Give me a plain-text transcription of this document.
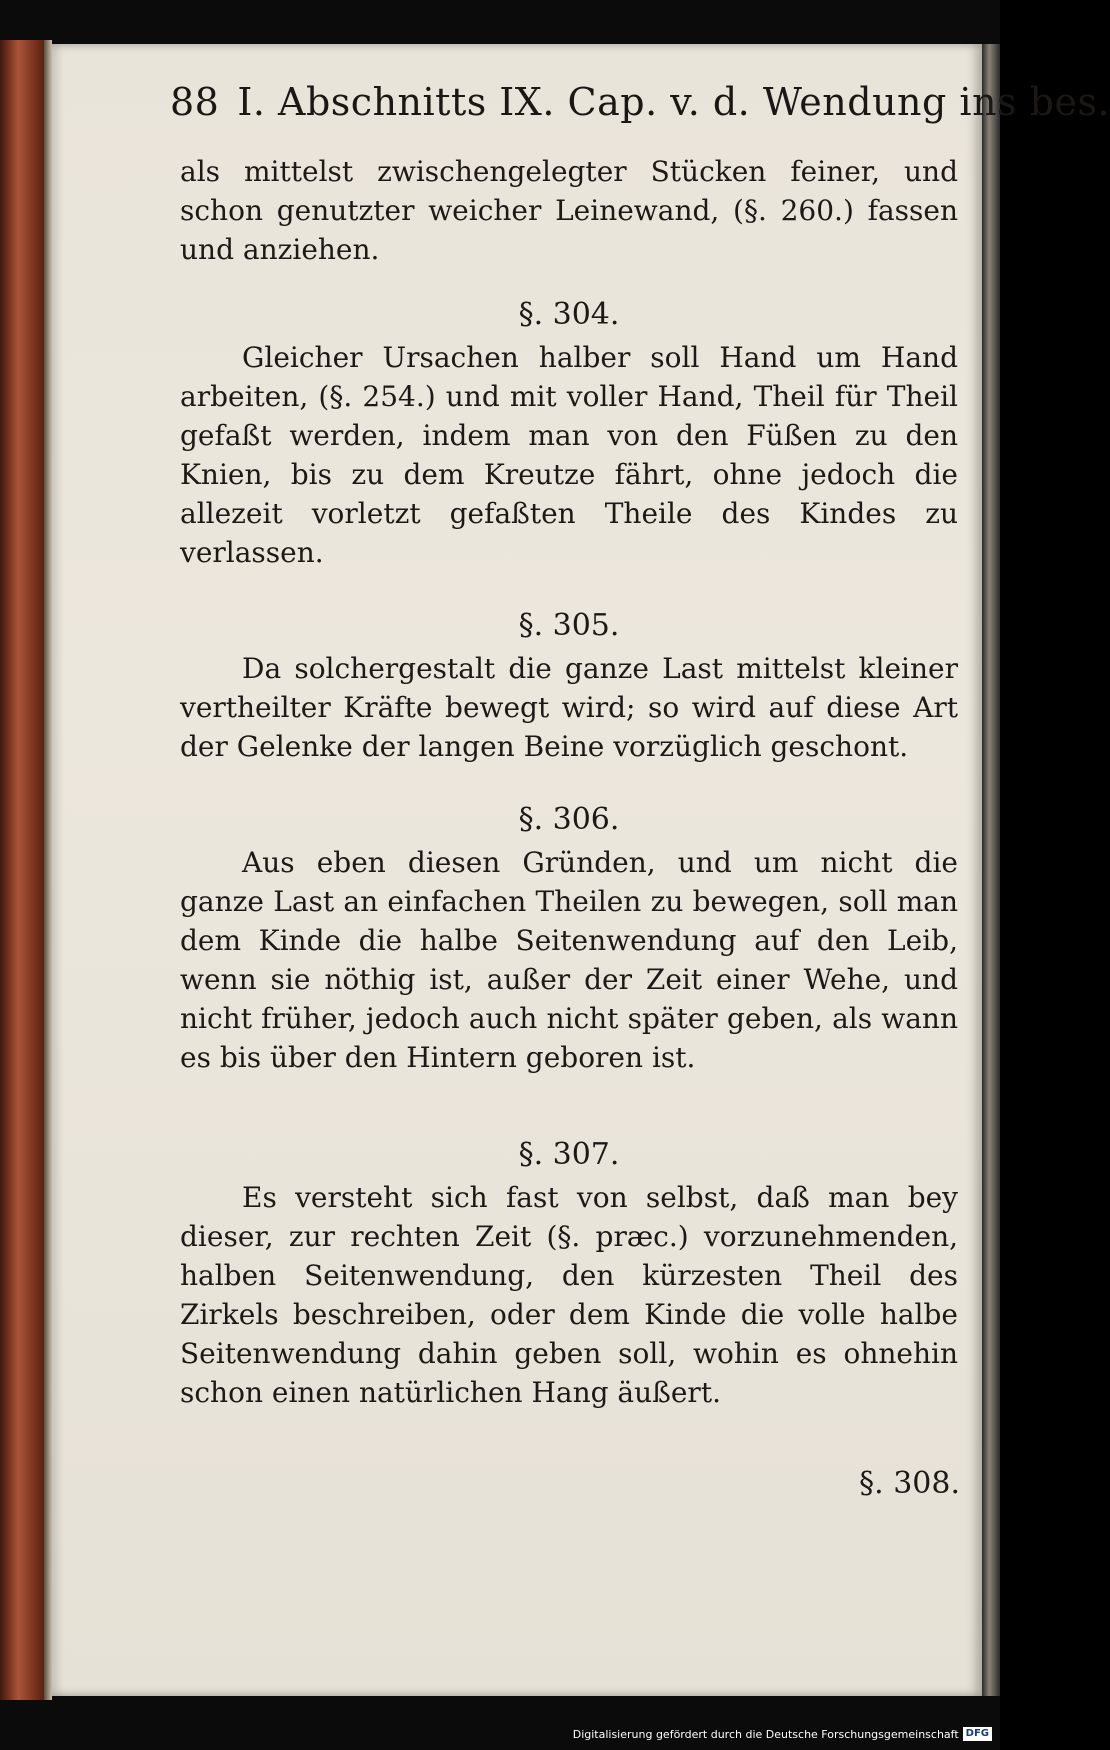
88 I. Abschnitts IX. Cap. v. d. Wendung ins bes.

als mittelst zwischengelegter Stücken feiner, und schon genutzter weicher Leinewand, (§. 260.) fassen und anziehen.

§. 304.

Gleicher Ursachen halber soll Hand um Hand arbeiten, (§. 254.) und mit voller Hand, Theil für Theil gefaßt werden, indem man von den Füßen zu den Knien, bis zu dem Kreutze fährt, ohne jedoch die allezeit vorletzt gefaßten Theile des Kindes zu verlassen.

§. 305.

Da solchergestalt die ganze Last mittelst kleiner vertheilter Kräfte bewegt wird; so wird auf diese Art der Gelenke der langen Beine vorzüglich geschont.

§. 306.

Aus eben diesen Gründen, und um nicht die ganze Last an einfachen Theilen zu bewegen, soll man dem Kinde die halbe Seitenwendung auf den Leib, wenn sie nöthig ist, außer der Zeit einer Wehe, und nicht früher, jedoch auch nicht später geben, als wann es bis über den Hintern geboren ist.

§. 307.

Es versteht sich fast von selbst, daß man bey dieser, zur rechten Zeit (§. præc.) vorzunehmenden, halben Seitenwendung, den kürzesten Theil des Zirkels beschreiben, oder dem Kinde die volle halbe Seitenwendung dahin geben soll, wohin es ohnehin schon einen natürlichen Hang äußert.

§. 308.
Digitalisierung gefördert durch die Deutsche Forschungsgemeinschaft DFG
